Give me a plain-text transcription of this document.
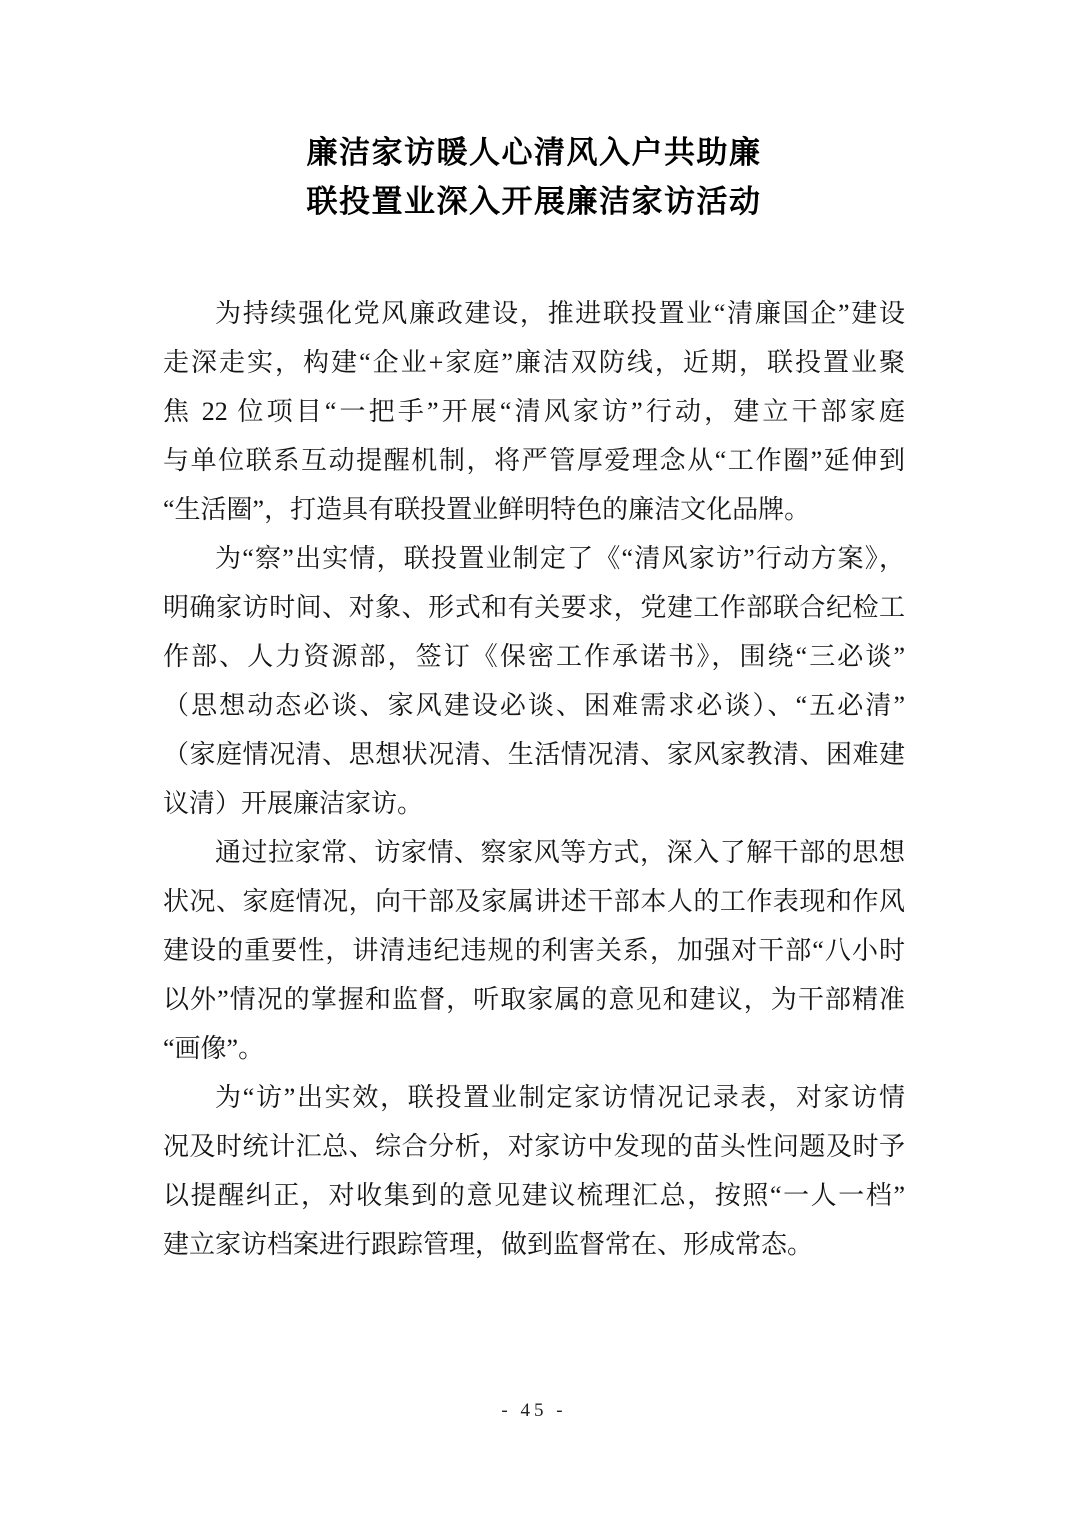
廉洁家访暖人心清风入户共助廉
联投置业深入开展廉洁家访活动
为持续强化党风廉政建设，推进联投置业“清廉国企”建设
走深走实，构建“企业+家庭”廉洁双防线，近期，联投置业聚
焦 22 位项目“一把手”开展“清风家访”行动，建立干部家庭
与单位联系互动提醒机制，将严管厚爱理念从“工作圈”延伸到
“生活圈”，打造具有联投置业鲜明特色的廉洁文化品牌。
为“察”出实情，联投置业制定了《“清风家访”行动方案》，
明确家访时间、对象、形式和有关要求，党建工作部联合纪检工
作部、人力资源部，签订《保密工作承诺书》，围绕“三必谈”
（思想动态必谈、家风建设必谈、困难需求必谈）、“五必清”
（家庭情况清、思想状况清、生活情况清、家风家教清、困难建
议清）开展廉洁家访。
通过拉家常、访家情、察家风等方式，深入了解干部的思想
状况、家庭情况，向干部及家属讲述干部本人的工作表现和作风
建设的重要性，讲清违纪违规的利害关系，加强对干部“八小时
以外”情况的掌握和监督，听取家属的意见和建议，为干部精准
“画像”。
为“访”出实效，联投置业制定家访情况记录表，对家访情
况及时统计汇总、综合分析，对家访中发现的苗头性问题及时予
以提醒纠正，对收集到的意见建议梳理汇总，按照“一人一档”
建立家访档案进行跟踪管理，做到监督常在、形成常态。
- 45 -
